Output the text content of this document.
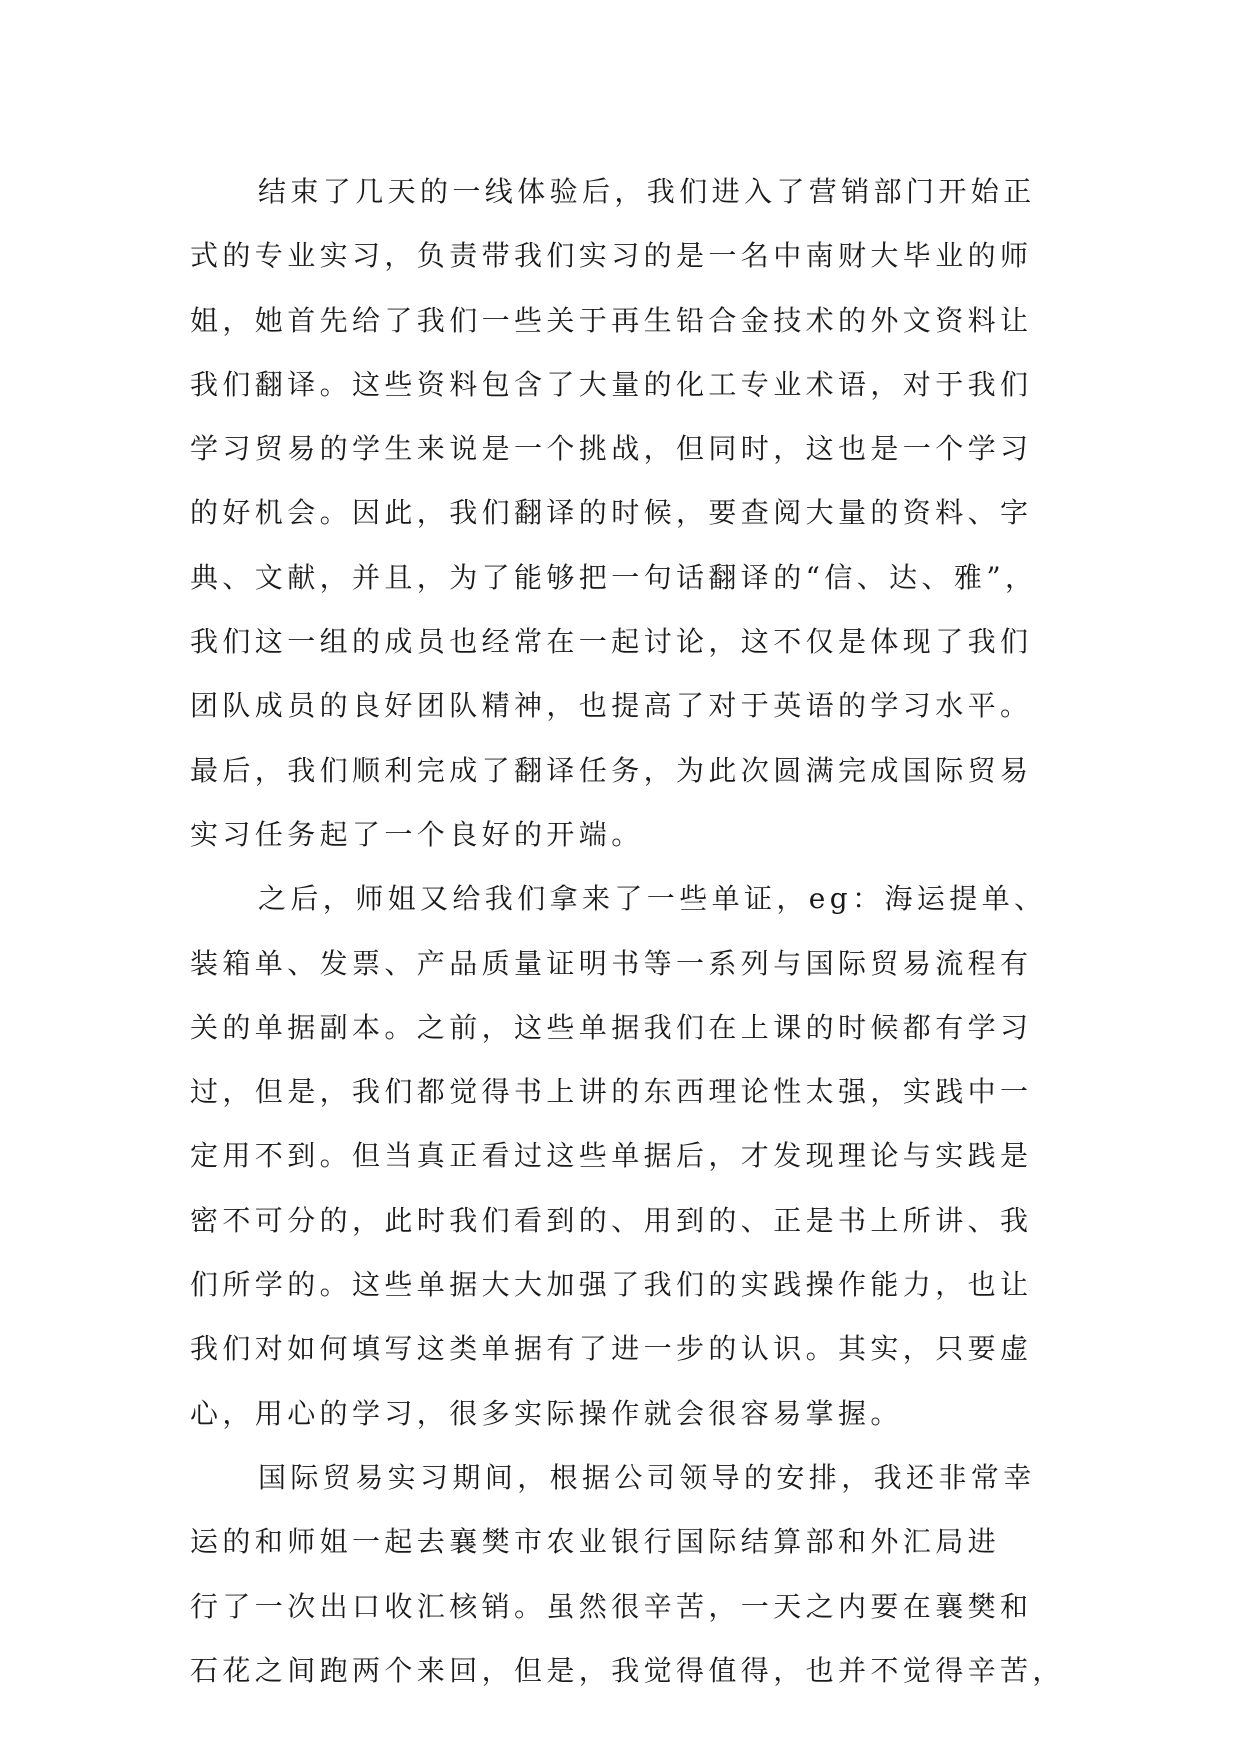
结束了几天的一线体验后，我们进入了营销部门开始正
式的专业实习，负责带我们实习的是一名中南财大毕业的师
姐，她首先给了我们一些关于再生铅合金技术的外文资料让
我们翻译。这些资料包含了大量的化工专业术语，对于我们
学习贸易的学生来说是一个挑战，但同时，这也是一个学习
的好机会。因此，我们翻译的时候，要查阅大量的资料、字
典、文献，并且，为了能够把一句话翻译的“信、达、雅”，
我们这一组的成员也经常在一起讨论，这不仅是体现了我们
团队成员的良好团队精神，也提高了对于英语的学习水平。
最后，我们顺利完成了翻译任务，为此次圆满完成国际贸易
实习任务起了一个良好的开端。
之后，师姐又给我们拿来了一些单证，eg：海运提单、
装箱单、发票、产品质量证明书等一系列与国际贸易流程有
关的单据副本。之前，这些单据我们在上课的时候都有学习
过，但是，我们都觉得书上讲的东西理论性太强，实践中一
定用不到。但当真正看过这些单据后，才发现理论与实践是
密不可分的，此时我们看到的、用到的、正是书上所讲、我
们所学的。这些单据大大加强了我们的实践操作能力，也让
我们对如何填写这类单据有了进一步的认识。其实，只要虚
心，用心的学习，很多实际操作就会很容易掌握。
国际贸易实习期间，根据公司领导的安排，我还非常幸
运的和师姐一起去襄樊市农业银行国际结算部和外汇局进
行了一次出口收汇核销。虽然很辛苦，一天之内要在襄樊和
石花之间跑两个来回，但是，我觉得值得，也并不觉得辛苦，
